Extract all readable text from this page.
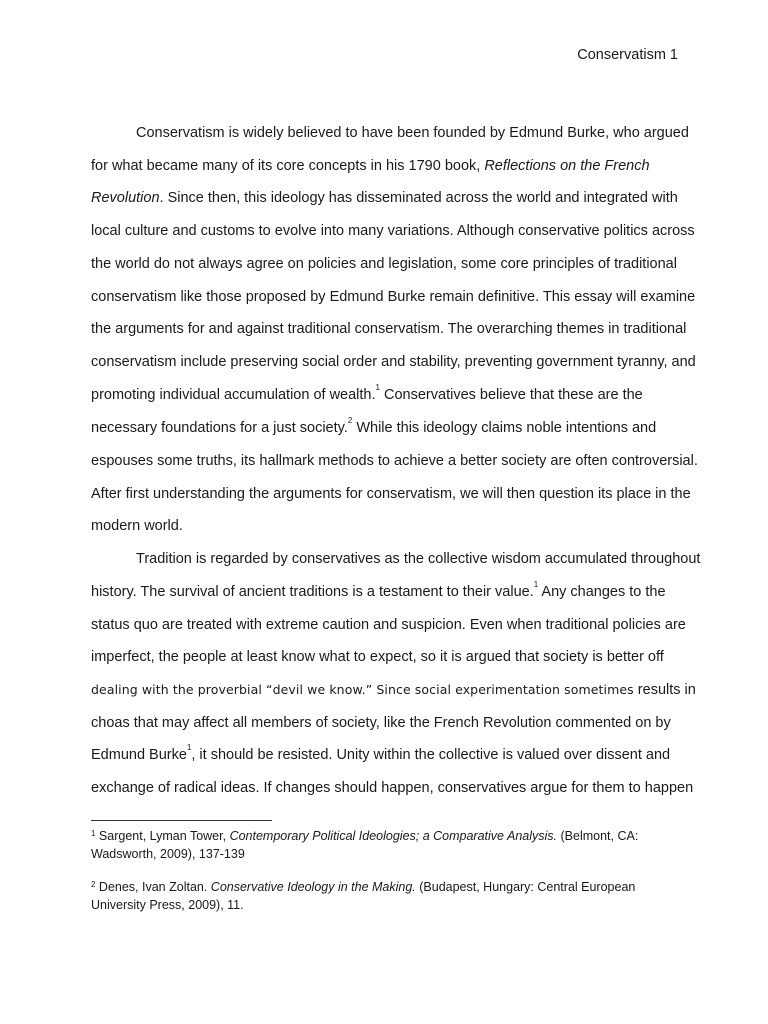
Conservatism 1
Conservatism is widely believed to have been founded by Edmund Burke, who argued
for what became many of its core concepts in his 1790 book, Reflections on the French
Revolution. Since then, this ideology has disseminated across the world and integrated with
local culture and customs to evolve into many variations. Although conservative politics across
the world do not always agree on policies and legislation, some core principles of traditional
conservatism like those proposed by Edmund Burke remain definitive. This essay will examine
the arguments for and against traditional conservatism. The overarching themes in traditional
conservatism include preserving social order and stability, preventing government tyranny, and
promoting individual accumulation of wealth.$^1$ Conservatives believe that these are the
necessary foundations for a just society.$^2$ While this ideology claims noble intentions and
espouses some truths, its hallmark methods to achieve a better society are often controversial.
After first understanding the arguments for conservatism, we will then question its place in the
modern world.
Tradition is regarded by conservatives as the collective wisdom accumulated throughout
history. The survival of ancient traditions is a testament to their value.$^1$ Any changes to the
status quo are treated with extreme caution and suspicion. Even when traditional policies are
imperfect, the people at least know what to expect, so it is argued that society is better off
dealing with the proverbial “devil we know.” Since social experimentation sometimes results in
choas that may affect all members of society, like the French Revolution commented on by
Edmund Burke$^1$, it should be resisted. Unity within the collective is valued over dissent and
exchange of radical ideas. If changes should happen, conservatives argue for them to happen
$^1$ Sargent, Lyman Tower, Contemporary Political Ideologies; a Comparative Analysis. (Belmont, CA:
Wadsworth, 2009), 137-139
$^2$ Denes, Ivan Zoltan. Conservative Ideology in the Making. (Budapest, Hungary: Central European
University Press, 2009), 11.
